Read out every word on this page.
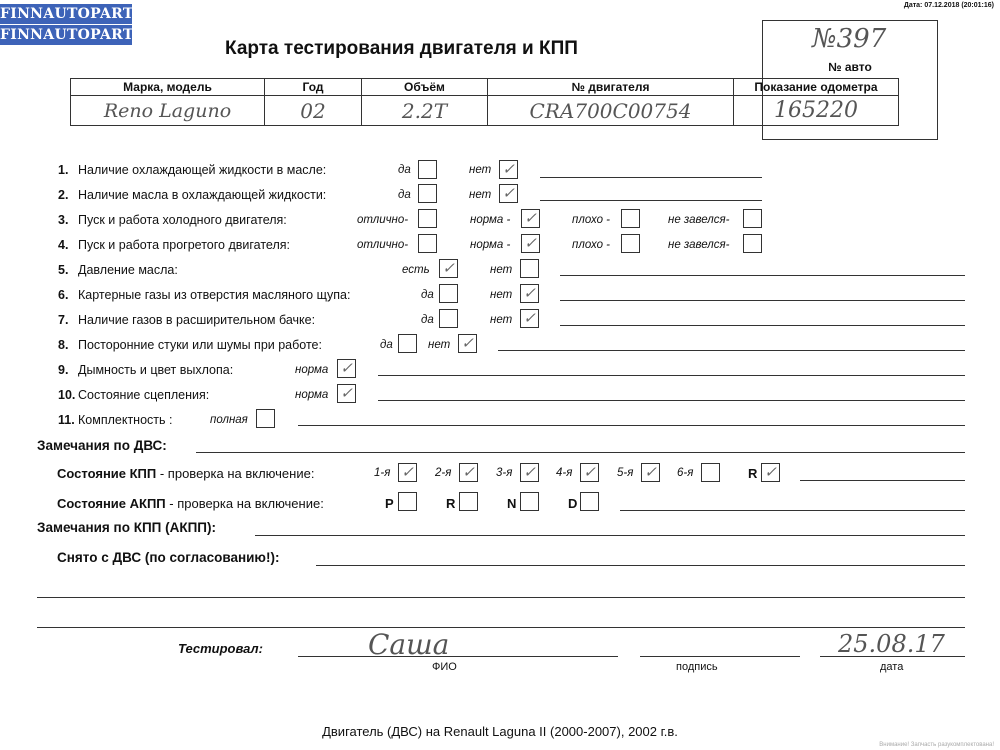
FINNAUTOPARTS
FINNAUTOPARTS
Дата: 07.12.2018 (20:01:16)
Карта тестирования двигателя и КПП	№397
№ авто
Марка, модель	Год	Объём	№ двигателя	Показание одометра
Reno Laguno	02	2.2T	CRA700C00754	165220
1. Наличие охлаждающей жидкости в масле:	да	нет ✓
2. Наличие масла в охлаждающей жидкости:	да	нет ✓
3. Пуск и работа холодного двигателя:	отлично-	норма - ✓	плохо -	не завелся-
4. Пуск и работа прогретого двигателя:	отлично-	норма - ✓	плохо -	не завелся-
5. Давление масла:	есть ✓	нет
6. Картерные газы из отверстия масляного щупа:	да	нет ✓
7. Наличие газов в расширительном бачке:	да	нет ✓
8. Посторонние стуки или шумы при работе:	да	нет ✓
9. Дымность и цвет выхлопа:	норма ✓
10. Состояние сцепления:	норма ✓
11. Комплектность :	полная
Замечания по ДВС:
Состояние КПП - проверка на включение:	1-я ✓ 2-я ✓ 3-я ✓ 4-я ✓ 5-я ✓ 6-я	R ✓
Состояние АКПП - проверка на включение:	P	R	N	D
Замечания по КПП (АКПП):
Снято с ДВС (по согласованию!):
Тестировал:	Саша
ФИО	подпись
25.08.17
дата
Двигатель (ДВС) на Renault Laguna II (2000-2007), 2002 г.в.
Внимание! Запчасть разукомплектована!
